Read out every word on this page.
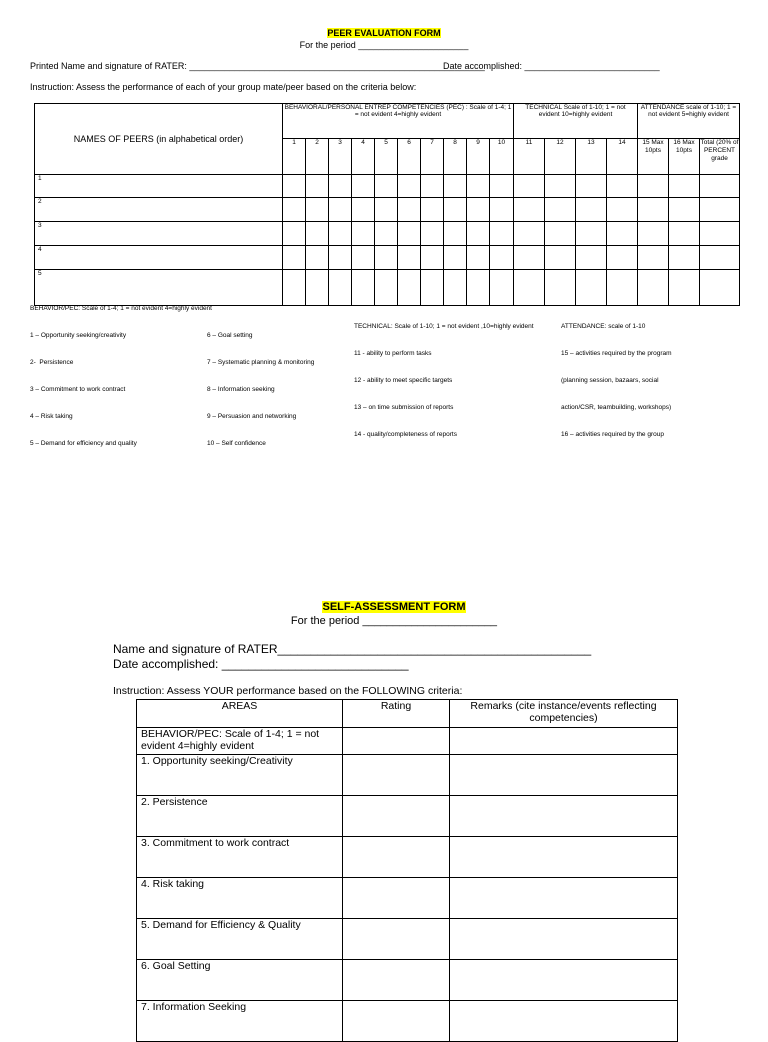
PEER EVALUATION FORM
For the period ______________________
Printed Name and signature of RATER: ___________________________________________________________
Date accomplished: ___________________________
Instruction: Assess the performance of each of your group mate/peer based on the criteria below:
NAMES OF PEERS (in alphabetical order)	BEHAVIORAL/PERSONAL ENTREP COMPETENCIES (PEC) : Scale of 1-4; 1 = not evident 4=highly evident										TECHNICAL Scale of 1-10; 1 = not evident 10=highly evident				ATTENDANCE scale of 1-10; 1 = not evident 5=highly evident		
	1	2	3	4	5	6	7	8	9	10	11	12	13	14	15 Max 10pts	16 Max 10pts	Total (20% of PERCENT grade
1																	
2																	
3																	
4																	
5																	
BEHAVIOR/PEC: Scale of 1-4; 1 = not evident 4=highly evident

1 – Opportunity seeking/creativity

2-  Persistence

3 – Commitment to work contract

4 – Risk taking

5 – Demand for efficiency and quality

6 – Goal setting

7 – Systematic planning & monitoring

8 – Information seeking

9 – Persuasion and networking

10 – Self confidence

TECHNICAL: Scale of 1-10; 1 = not evident ,10=highly evident

11 - ability to perform tasks

12 - ability to meet specific targets

13 – on time submission of reports

14 - quality/completeness of reports

ATTENDANCE: scale of 1-10

15 – activities required by the program

(planning session, bazaars, social

action/CSR, teambuilding, workshops)

16 – activities required by the group

SELF-ASSESSMENT FORM
For the period ______________________
Name and signature of RATER_______________________________________________
Date accomplished: ____________________________
Instruction: Assess YOUR performance based on the FOLLOWING criteria:
AREAS	Rating	Remarks (cite instance/events reflecting competencies)
BEHAVIOR/PEC: Scale of 1-4; 1 = not evident 4=highly evident		
1. Opportunity seeking/Creativity		
2. Persistence		
3. Commitment to work contract		
4. Risk taking		
5. Demand for Efficiency & Quality		
6. Goal Setting		
7. Information Seeking		
